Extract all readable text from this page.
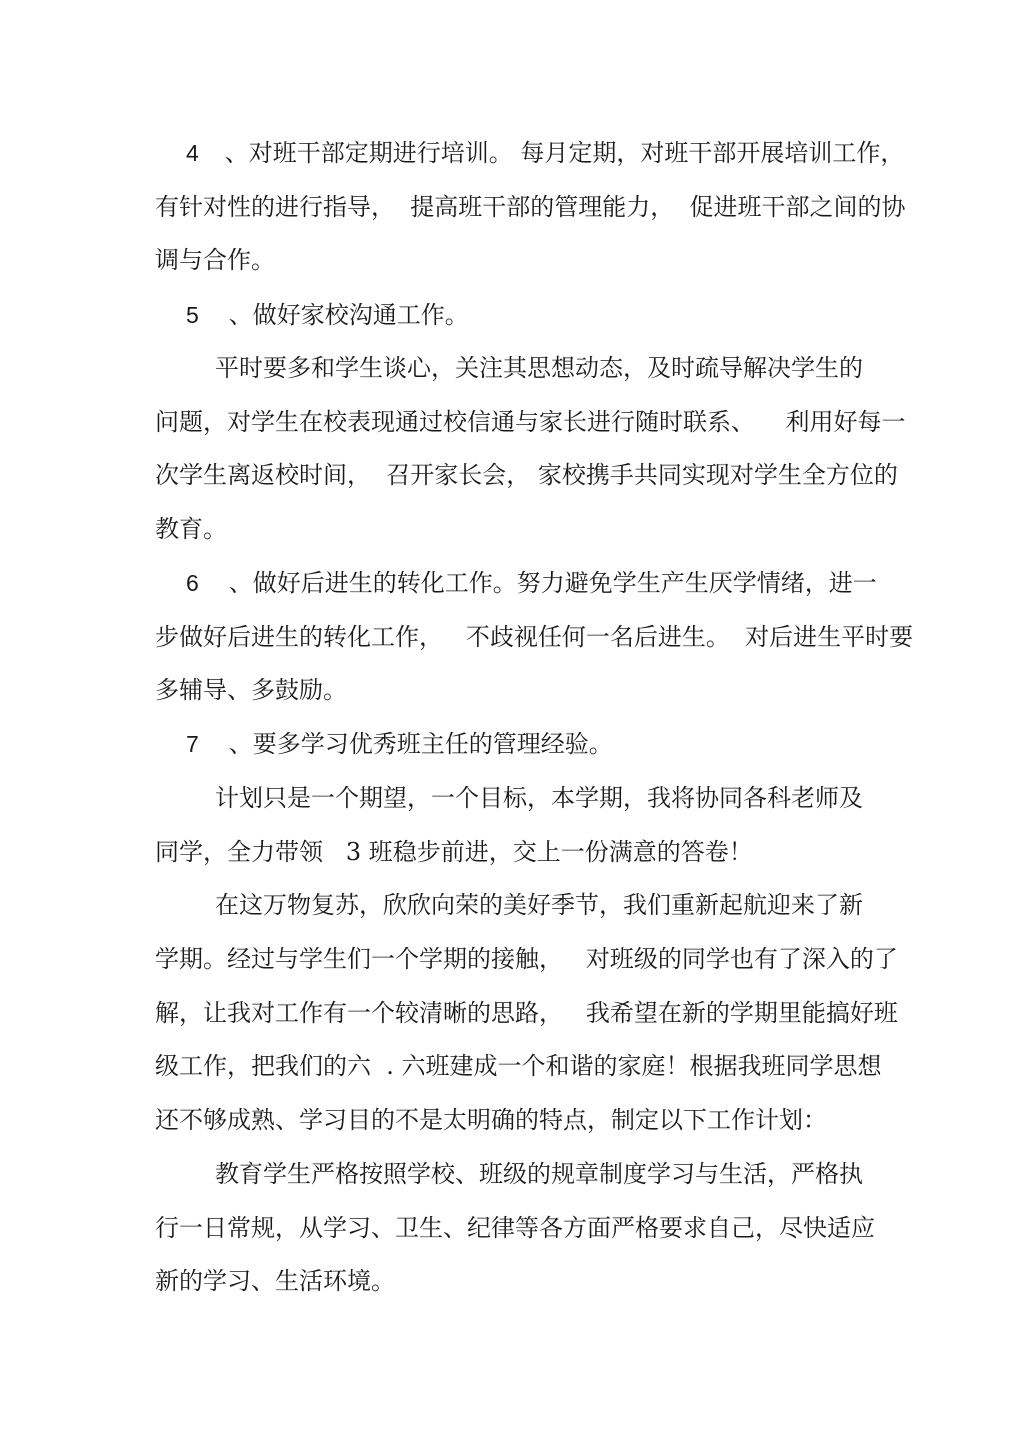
4 、对班干部定期进行培训。 每月定期，对班干部开展培训工作，
有针对性的进行指导，  提高班干部的管理能力，  促进班干部之间的协
调与合作。
5 、做好家校沟通工作。
平时要多和学生谈心，关注其思想动态，及时疏导解决学生的
问题，对学生在校表现通过校信通与家长进行随时联系、    利用好每一
次学生离返校时间，  召开家长会， 家校携手共同实现对学生全方位的
教育。
6 、做好后进生的转化工作。努力避免学生产生厌学情绪，进一
步做好后进生的转化工作，   不歧视任何一名后进生。  对后进生平时要
多辅导、多鼓励。
7 、要多学习优秀班主任的管理经验。
计划只是一个期望，一个目标，本学期，我将协同各科老师及
同学，全力带领   3 班稳步前进，交上一份满意的答卷！
在这万物复苏，欣欣向荣的美好季节，我们重新起航迎来了新
学期。经过与学生们一个学期的接触，   对班级的同学也有了深入的了
解，让我对工作有一个较清晰的思路，   我希望在新的学期里能搞好班
级工作，把我们的六  . 六班建成一个和谐的家庭！根据我班同学思想
还不够成熟、学习目的不是太明确的特点，制定以下工作计划：
教育学生严格按照学校、班级的规章制度学习与生活，严格执
行一日常规，从学习、卫生、纪律等各方面严格要求自己，尽快适应
新的学习、生活环境。
